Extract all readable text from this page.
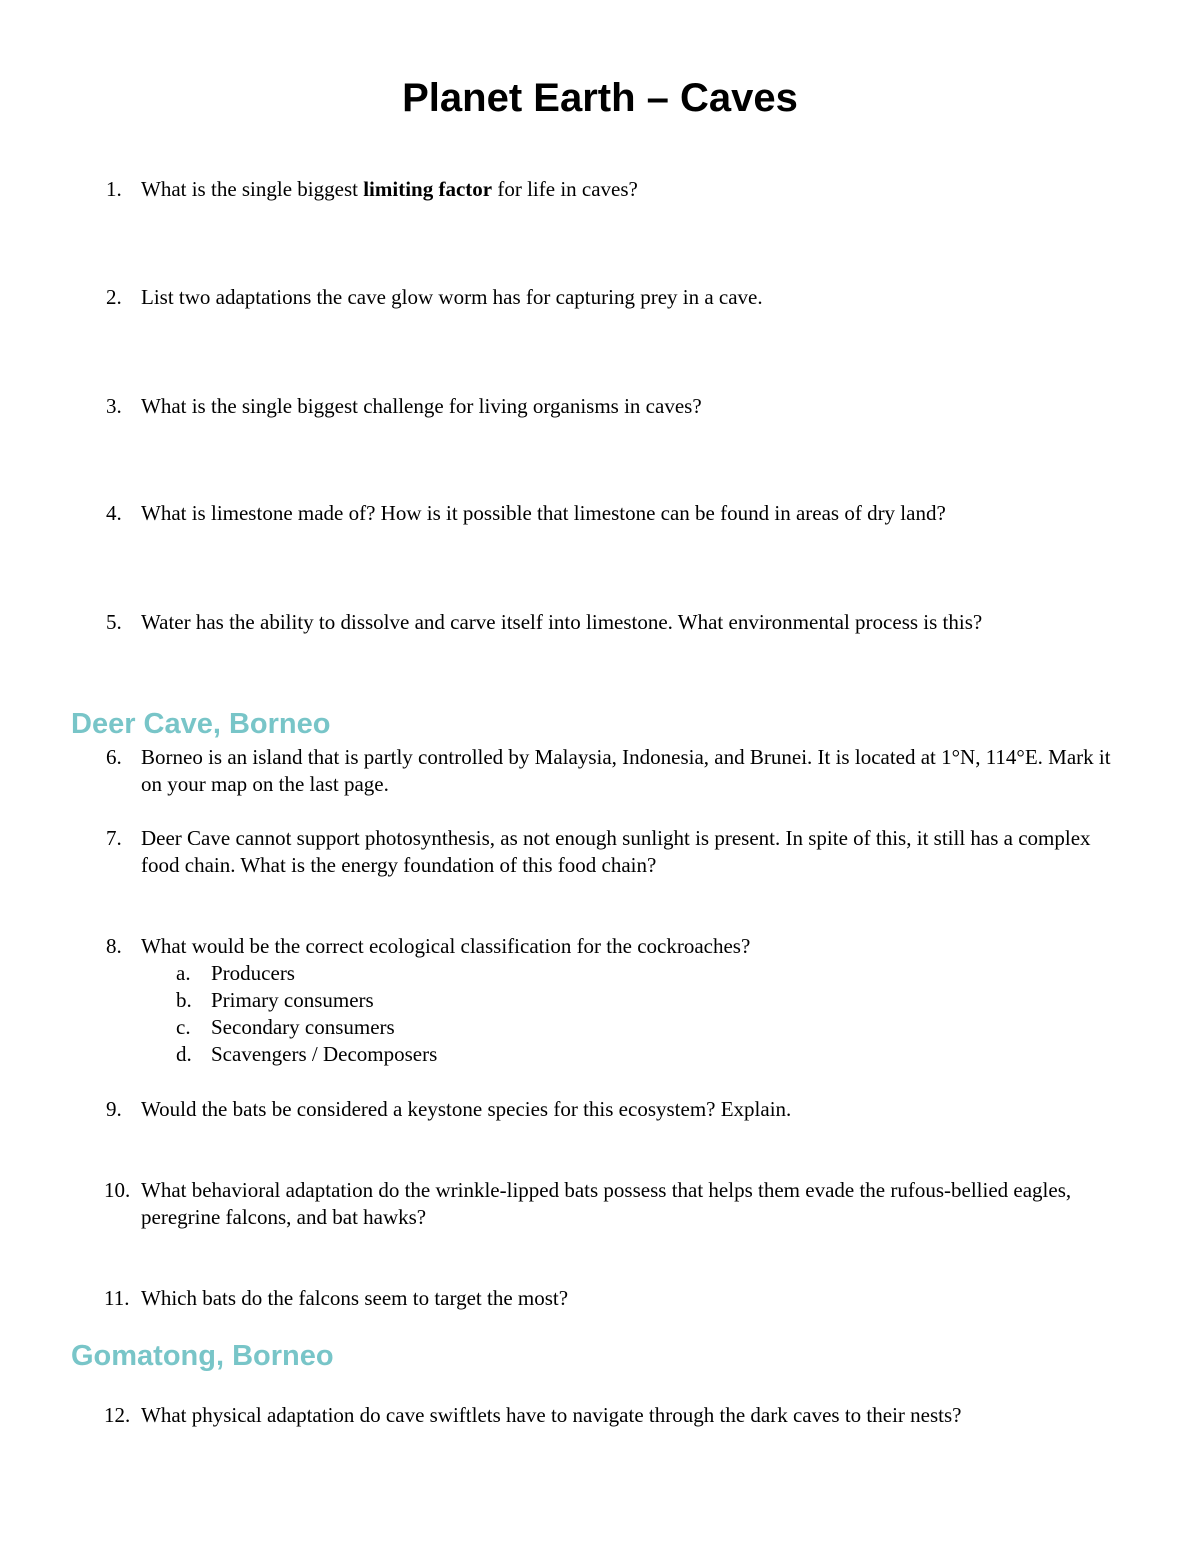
Planet Earth – Caves
1. What is the single biggest limiting factor for life in caves?
2. List two adaptations the cave glow worm has for capturing prey in a cave.
3. What is the single biggest challenge for living organisms in caves?
4. What is limestone made of? How is it possible that limestone can be found in areas of dry land?
5. Water has the ability to dissolve and carve itself into limestone. What environmental process is this?
Deer Cave, Borneo
6. Borneo is an island that is partly controlled by Malaysia, Indonesia, and Brunei. It is located at 1°N, 114°E. Mark it on your map on the last page.
7. Deer Cave cannot support photosynthesis, as not enough sunlight is present. In spite of this, it still has a complex food chain. What is the energy foundation of this food chain?
8. What would be the correct ecological classification for the cockroaches?
a. Producers
b. Primary consumers
c. Secondary consumers
d. Scavengers / Decomposers
9. Would the bats be considered a keystone species for this ecosystem? Explain.
10. What behavioral adaptation do the wrinkle-lipped bats possess that helps them evade the rufous-bellied eagles, peregrine falcons, and bat hawks?
11. Which bats do the falcons seem to target the most?
Gomatong, Borneo
12. What physical adaptation do cave swiftlets have to navigate through the dark caves to their nests?
